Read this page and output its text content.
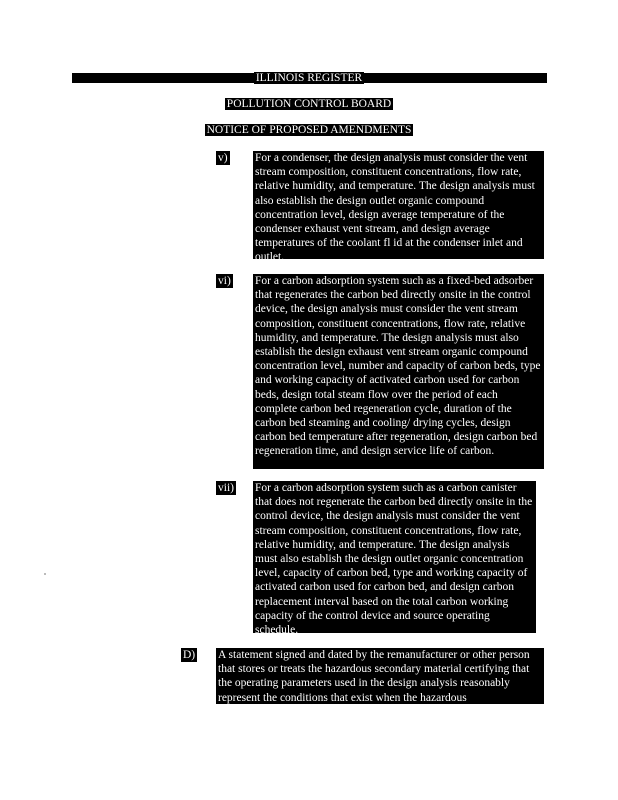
ILLINOIS REGISTER
POLLUTION CONTROL BOARD
NOTICE OF PROPOSED AMENDMENTS
v) For a condenser, the design analysis must consider the vent stream composition, constituent concentrations, flow rate, relative humidity, and temperature. The design analysis must also establish the design outlet organic compound concentration level, design average temperature of the condenser exhaust vent stream, and design average temperatures of the coolant fl id at the condenser inlet and outlet.
vi) For a carbon adsorption system such as a fixed-bed adsorber that regenerates the carbon bed directly onsite in the control device, the design analysis must consider the vent stream composition, constituent concentrations, flow rate, relative humidity, and temperature. The design analysis must also establish the design exhaust vent stream organic compound concentration level, number and capacity of carbon beds, type and working capacity of activated carbon used for carbon beds, design total steam flow over the period of each complete carbon bed regeneration cycle, duration of the carbon bed steaming and cooling/ drying cycles, design carbon bed temperature after regeneration, design carbon bed regeneration time, and design service life of carbon.
vii) For a carbon adsorption system such as a carbon canister that does not regenerate the carbon bed directly onsite in the control device, the design analysis must consider the vent stream composition, constituent concentrations, flow rate, relative humidity, and temperature. The design analysis must also establish the design outlet organic concentration level, capacity of carbon bed, type and working capacity of activated carbon used for carbon bed, and design carbon replacement interval based on the total carbon working capacity of the control device and source operating schedule.
D) A statement signed and dated by the remanufacturer or other person that stores or treats the hazardous secondary material certifying that the operating parameters used in the design analysis reasonably represent the conditions that exist when the hazardous
